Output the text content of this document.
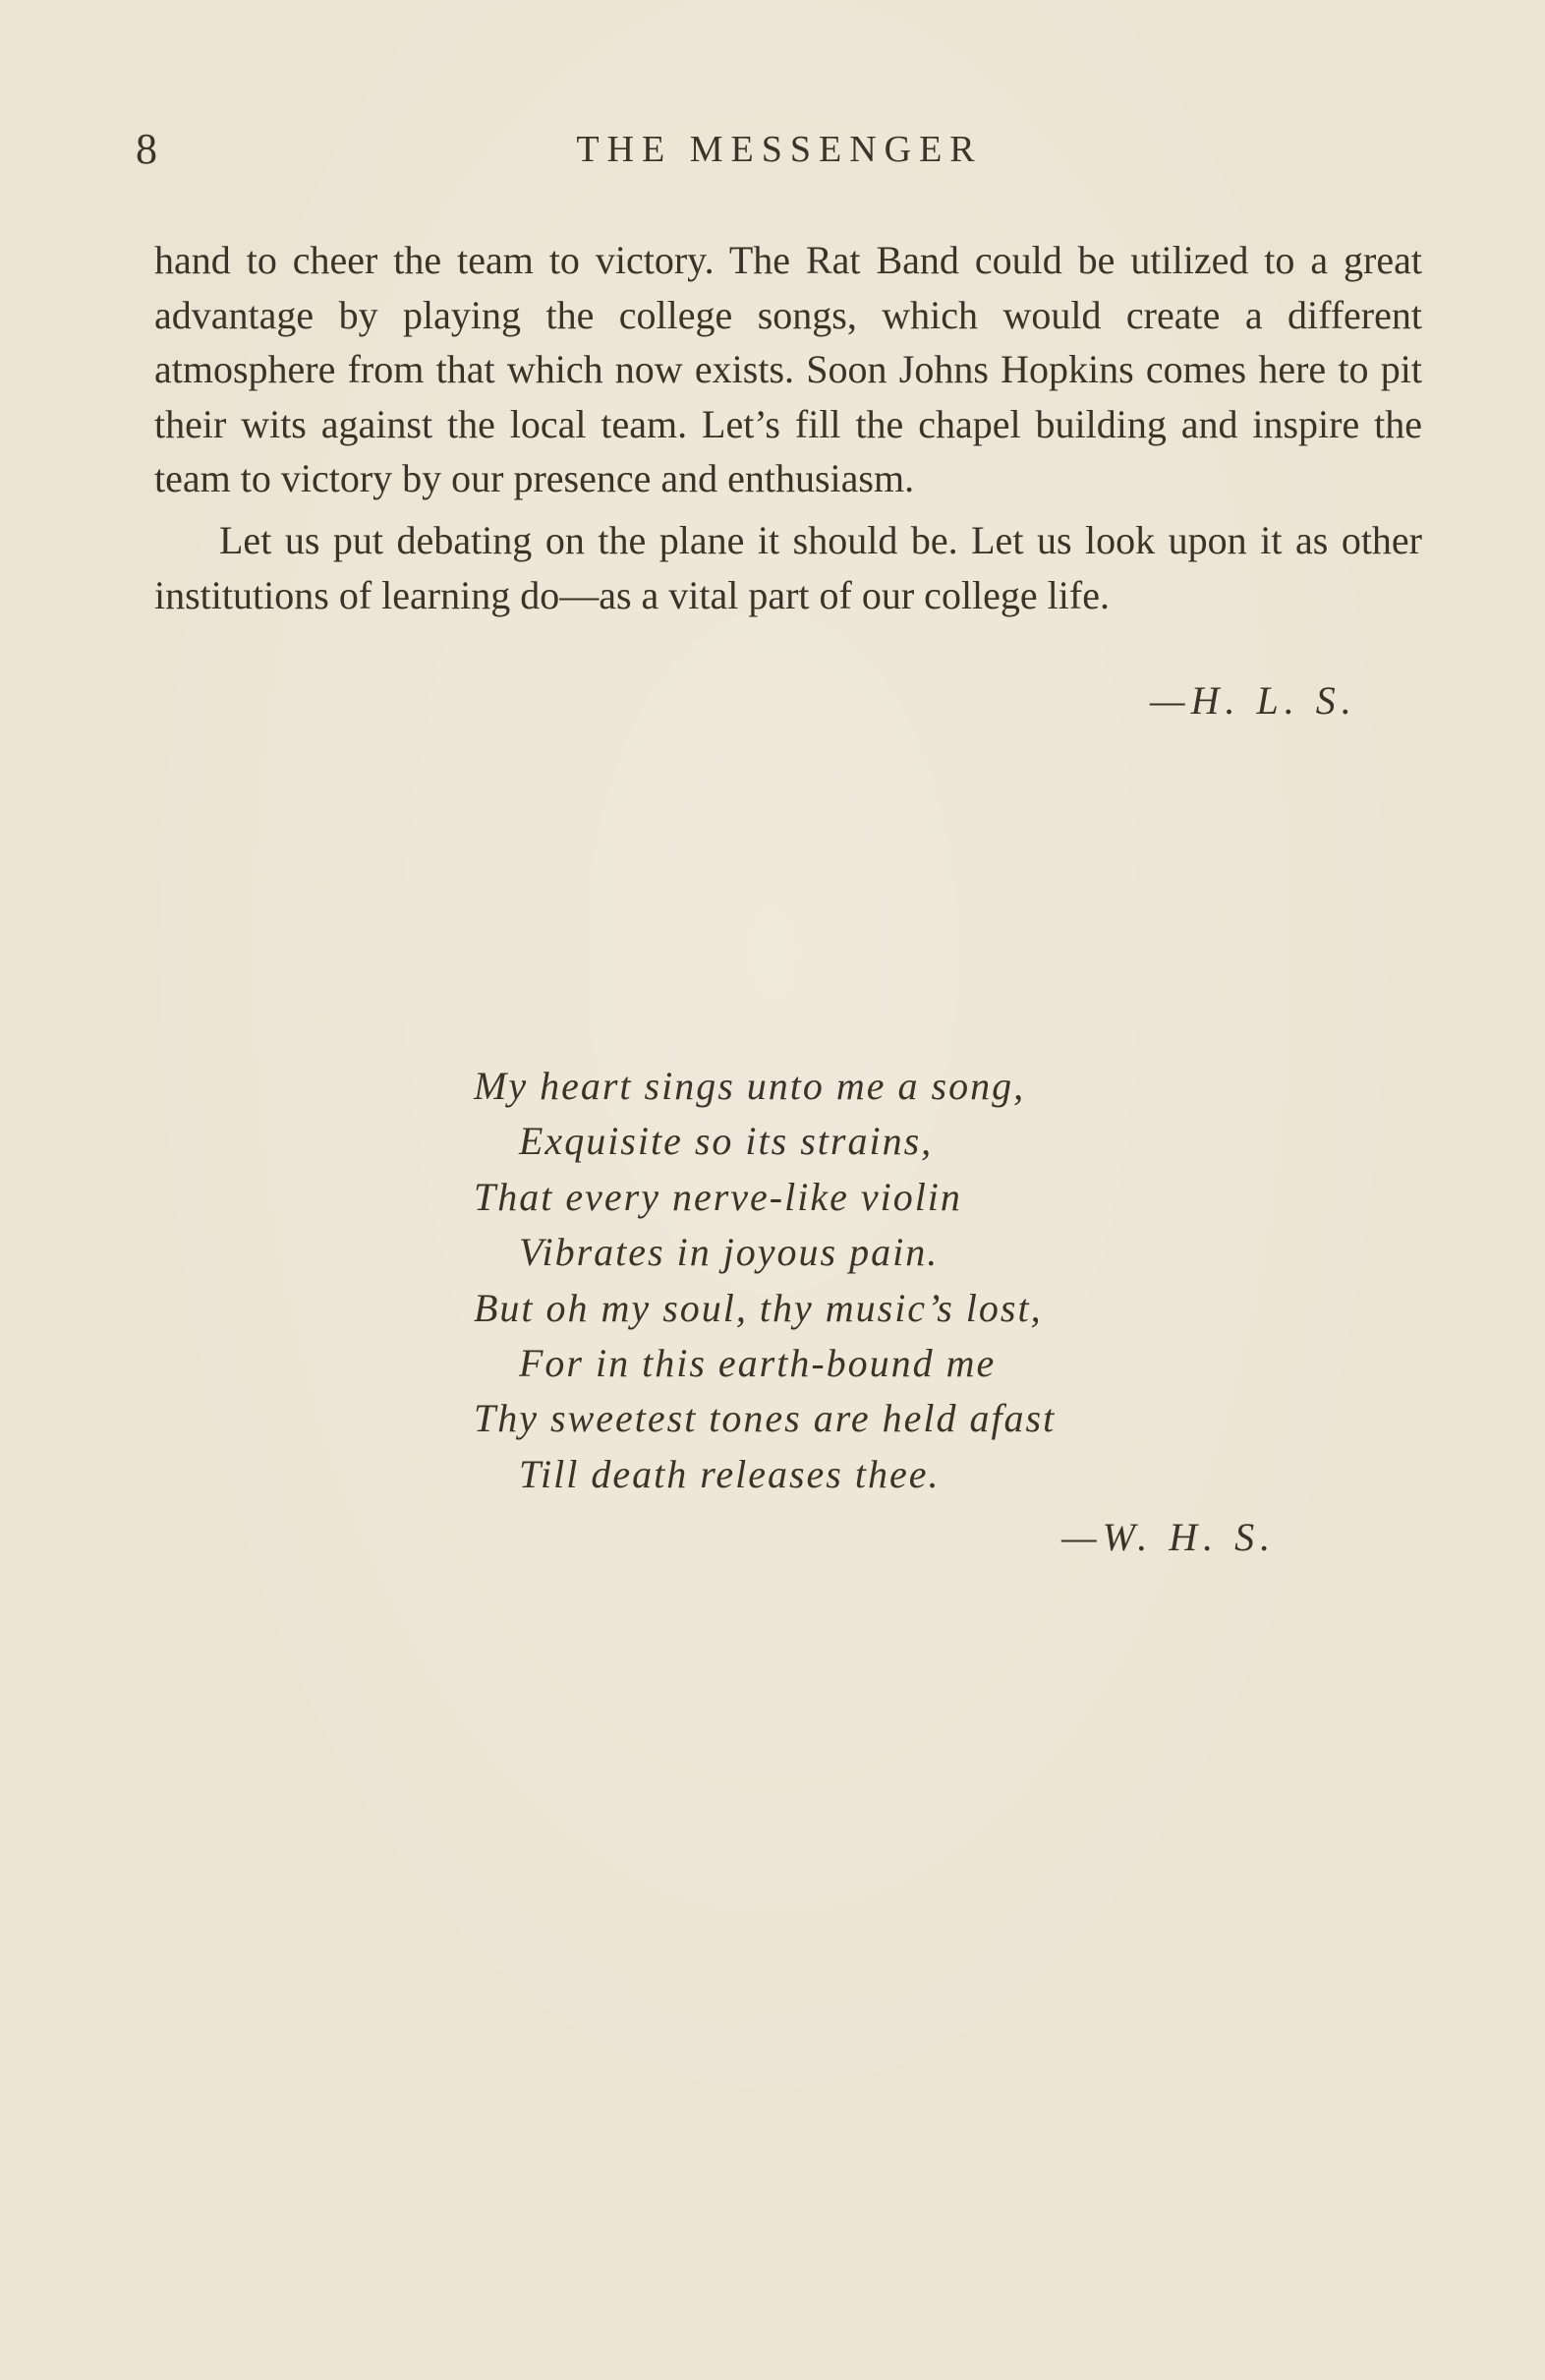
8	THE MESSENGER

hand to cheer the team to victory. The Rat Band could be utilized to a great advantage by playing the college songs, which would create a different atmosphere from that which now exists. Soon Johns Hopkins comes here to pit their wits against the local team. Let’s fill the chapel building and inspire the team to victory by our presence and enthusiasm.

Let us put debating on the plane it should be. Let us look upon it as other institutions of learning do—as a vital part of our college life.

—H. L. S.
My heart sings unto me a song,
Exquisite so its strains,
That every nerve-like violin
Vibrates in joyous pain.
But oh my soul, thy music’s lost,
For in this earth-bound me
Thy sweetest tones are held afast
Till death releases thee.
—W. H. S.
